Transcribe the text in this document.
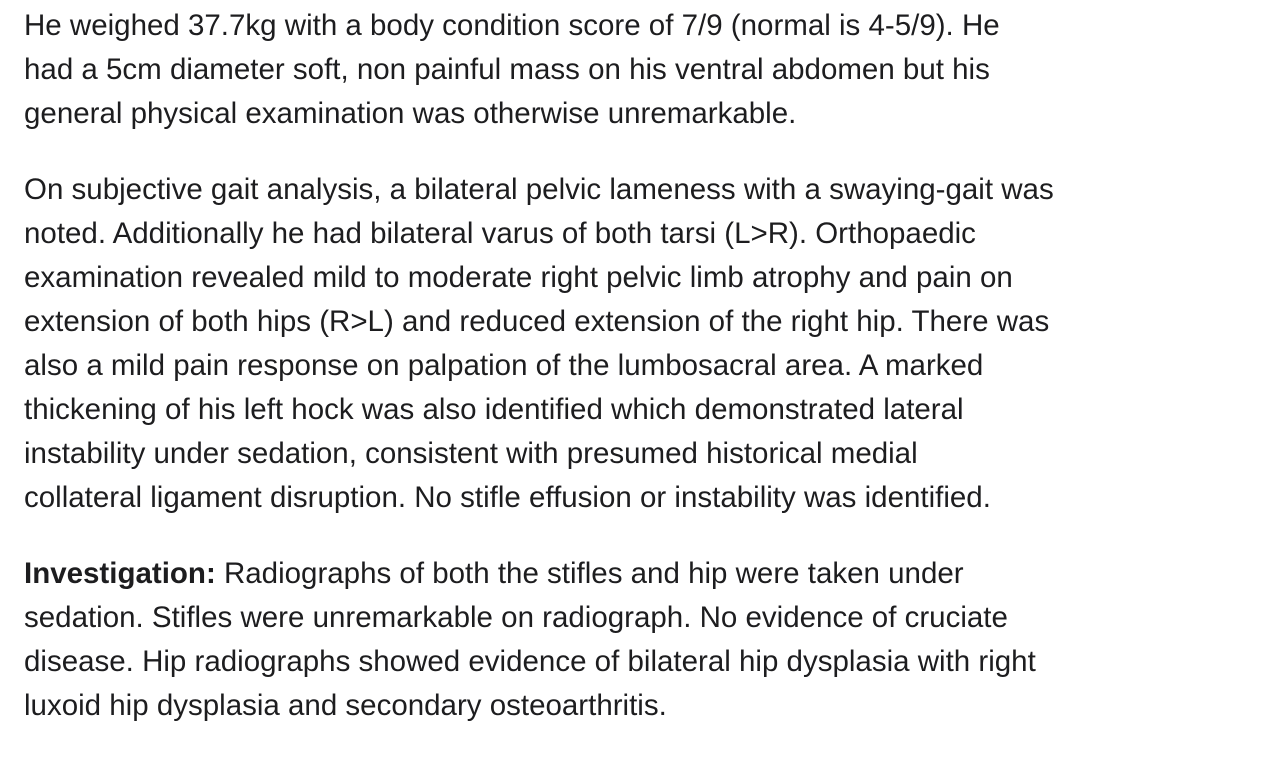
He weighed 37.7kg with a body condition score of 7/9 (normal is 4-5/9). He
had a 5cm diameter soft, non painful mass on his ventral abdomen but his
general physical examination was otherwise unremarkable.

On subjective gait analysis, a bilateral pelvic lameness with a swaying-gait was
noted. Additionally he had bilateral varus of both tarsi (L>R). Orthopaedic
examination revealed mild to moderate right pelvic limb atrophy and pain on
extension of both hips (R>L) and reduced extension of the right hip. There was
also a mild pain response on palpation of the lumbosacral area. A marked
thickening of his left hock was also identified which demonstrated lateral
instability under sedation, consistent with presumed historical medial
collateral ligament disruption. No stifle effusion or instability was identified.

Investigation: Radiographs of both the stifles and hip were taken under
sedation. Stifles were unremarkable on radiograph. No evidence of cruciate
disease. Hip radiographs showed evidence of bilateral hip dysplasia with right
luxoid hip dysplasia and secondary osteoarthritis.
